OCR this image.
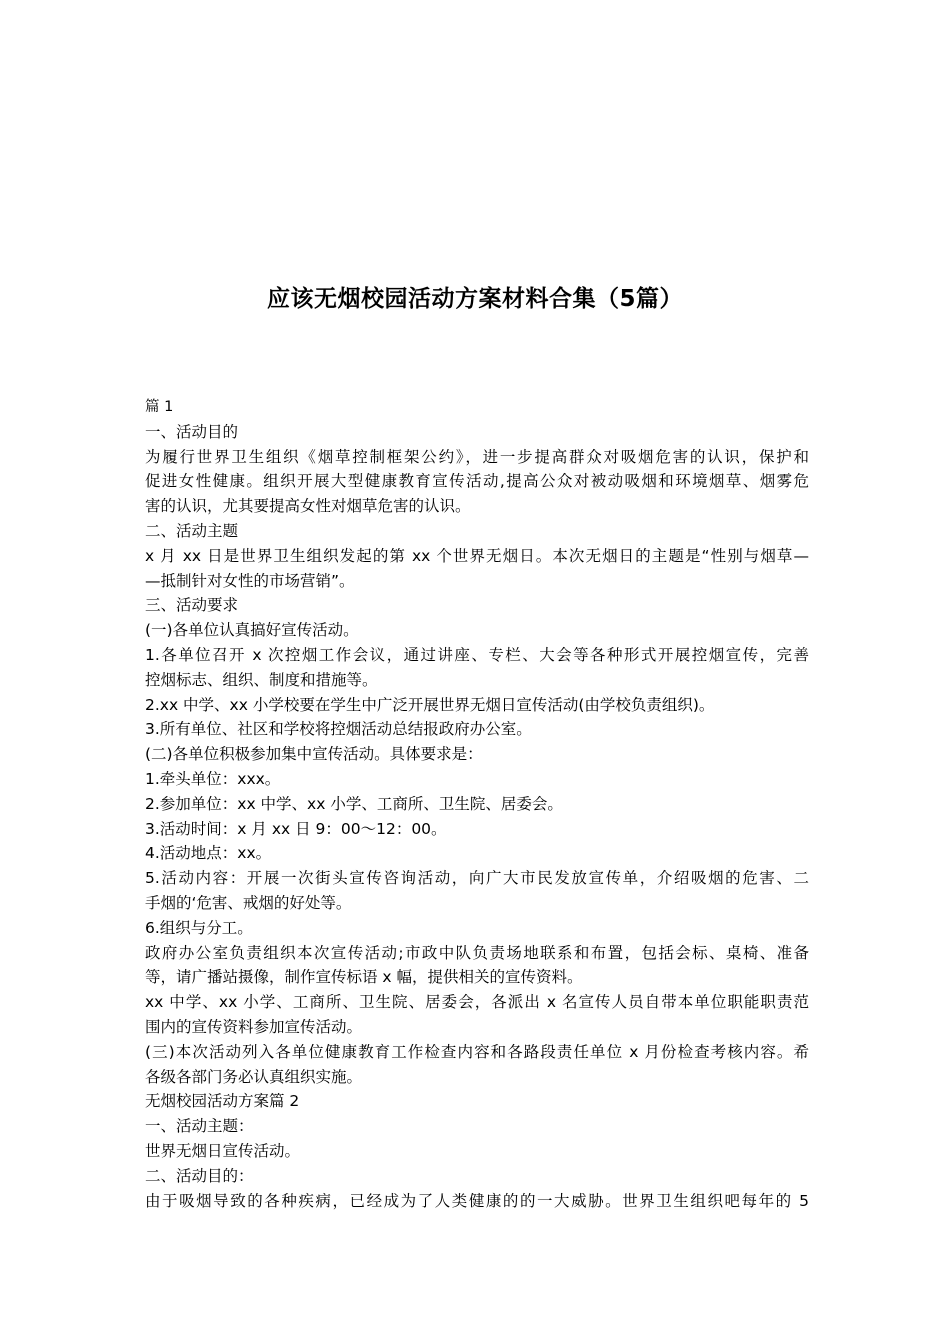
应该无烟校园活动方案材料合集（5篇）

篇 1

一、活动目的

为履行世界卫生组织《烟草控制框架公约》，进一步提高群众对吸烟危害的认识，保护和

促进女性健康。组织开展大型健康教育宣传活动,提高公众对被动吸烟和环境烟草、烟雾危

害的认识，尤其要提高女性对烟草危害的认识。

二、活动主题

x 月 xx 日是世界卫生组织发起的第 xx 个世界无烟日。本次无烟日的主题是“性别与烟草—

—抵制针对女性的市场营销”。

三、活动要求

(一)各单位认真搞好宣传活动。

1.各单位召开 x 次控烟工作会议，通过讲座、专栏、大会等各种形式开展控烟宣传，完善

控烟标志、组织、制度和措施等。

2.xx 中学、xx 小学校要在学生中广泛开展世界无烟日宣传活动(由学校负责组织)。

3.所有单位、社区和学校将控烟活动总结报政府办公室。

(二)各单位积极参加集中宣传活动。具体要求是：

1.牵头单位：xxx。

2.参加单位：xx 中学、xx 小学、工商所、卫生院、居委会。

3.活动时间：x 月 xx 日 9：00～12：00。

4.活动地点：xx。

5.活动内容：开展一次街头宣传咨询活动，向广大市民发放宣传单，介绍吸烟的危害、二

手烟的‘危害、戒烟的好处等。

6.组织与分工。

政府办公室负责组织本次宣传活动;市政中队负责场地联系和布置，包括会标、桌椅、准备

等，请广播站摄像，制作宣传标语 x 幅，提供相关的宣传资料。

xx 中学、xx 小学、工商所、卫生院、居委会，各派出 x 名宣传人员自带本单位职能职责范

围内的宣传资料参加宣传活动。

(三)本次活动列入各单位健康教育工作检查内容和各路段责任单位 x 月份检查考核内容。希

各级各部门务必认真组织实施。

无烟校园活动方案篇 2

一、活动主题：

世界无烟日宣传活动。

二、活动目的：

由于吸烟导致的各种疾病，已经成为了人类健康的的一大威胁。世界卫生组织吧每年的 5
